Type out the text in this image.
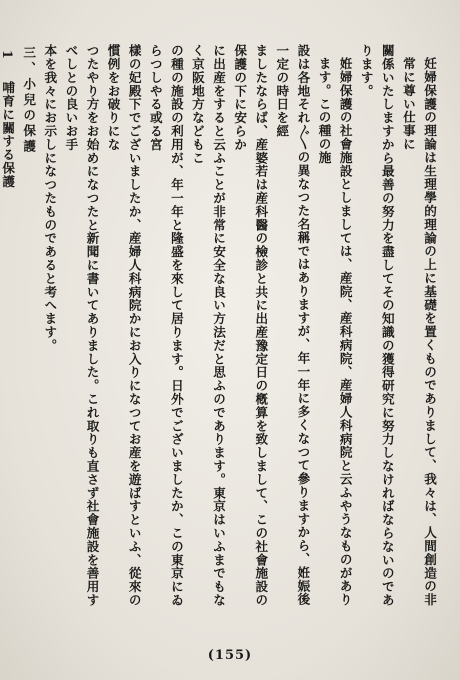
妊婦保護の理論は生理學的理論の上に基礎を置くものでありまして、我々は、人間創造の非常に尊い仕事に
關係いたしますから最善の努力を盡してその知識の獲得研究に努力しなければならないのであります。
姙婦保護の社會施設としましては、産院、産科病院、産婦人科病院と云ふやうなものがあります。この種の施
設は各地それ〴〵の異なつた名稱ではありますが、年一年に多くなつて參りますから、姙娠後一定の時日を經
ましたならば、産婆若は産科醫の檢診と共に出産豫定日の槪算を致しまして、この社會施設の保護の下に安らか
に出産をすると云ふことが非常に安全な良い方法だと思ふのであります。東京はいふまでもなく京阪地方などもこ
の種の施設の利用が、年一年と隆盛を來して居ります。日外でございましたか、この東京にゐらつしやる或る宮
樣の妃殿下でございましたか、産婦人科病院かにお入りになつてお産を遊ばすといふ、從來の慣例をお破りにな
つたやり方をお始めになつたと新聞に書いてありました。これ取りも直さず社會施設を善用すべしとの良いお手
本を我々にお示しになつたものであると考へます。
三、小兒の保護
1　哺育に關する保護

(155)
